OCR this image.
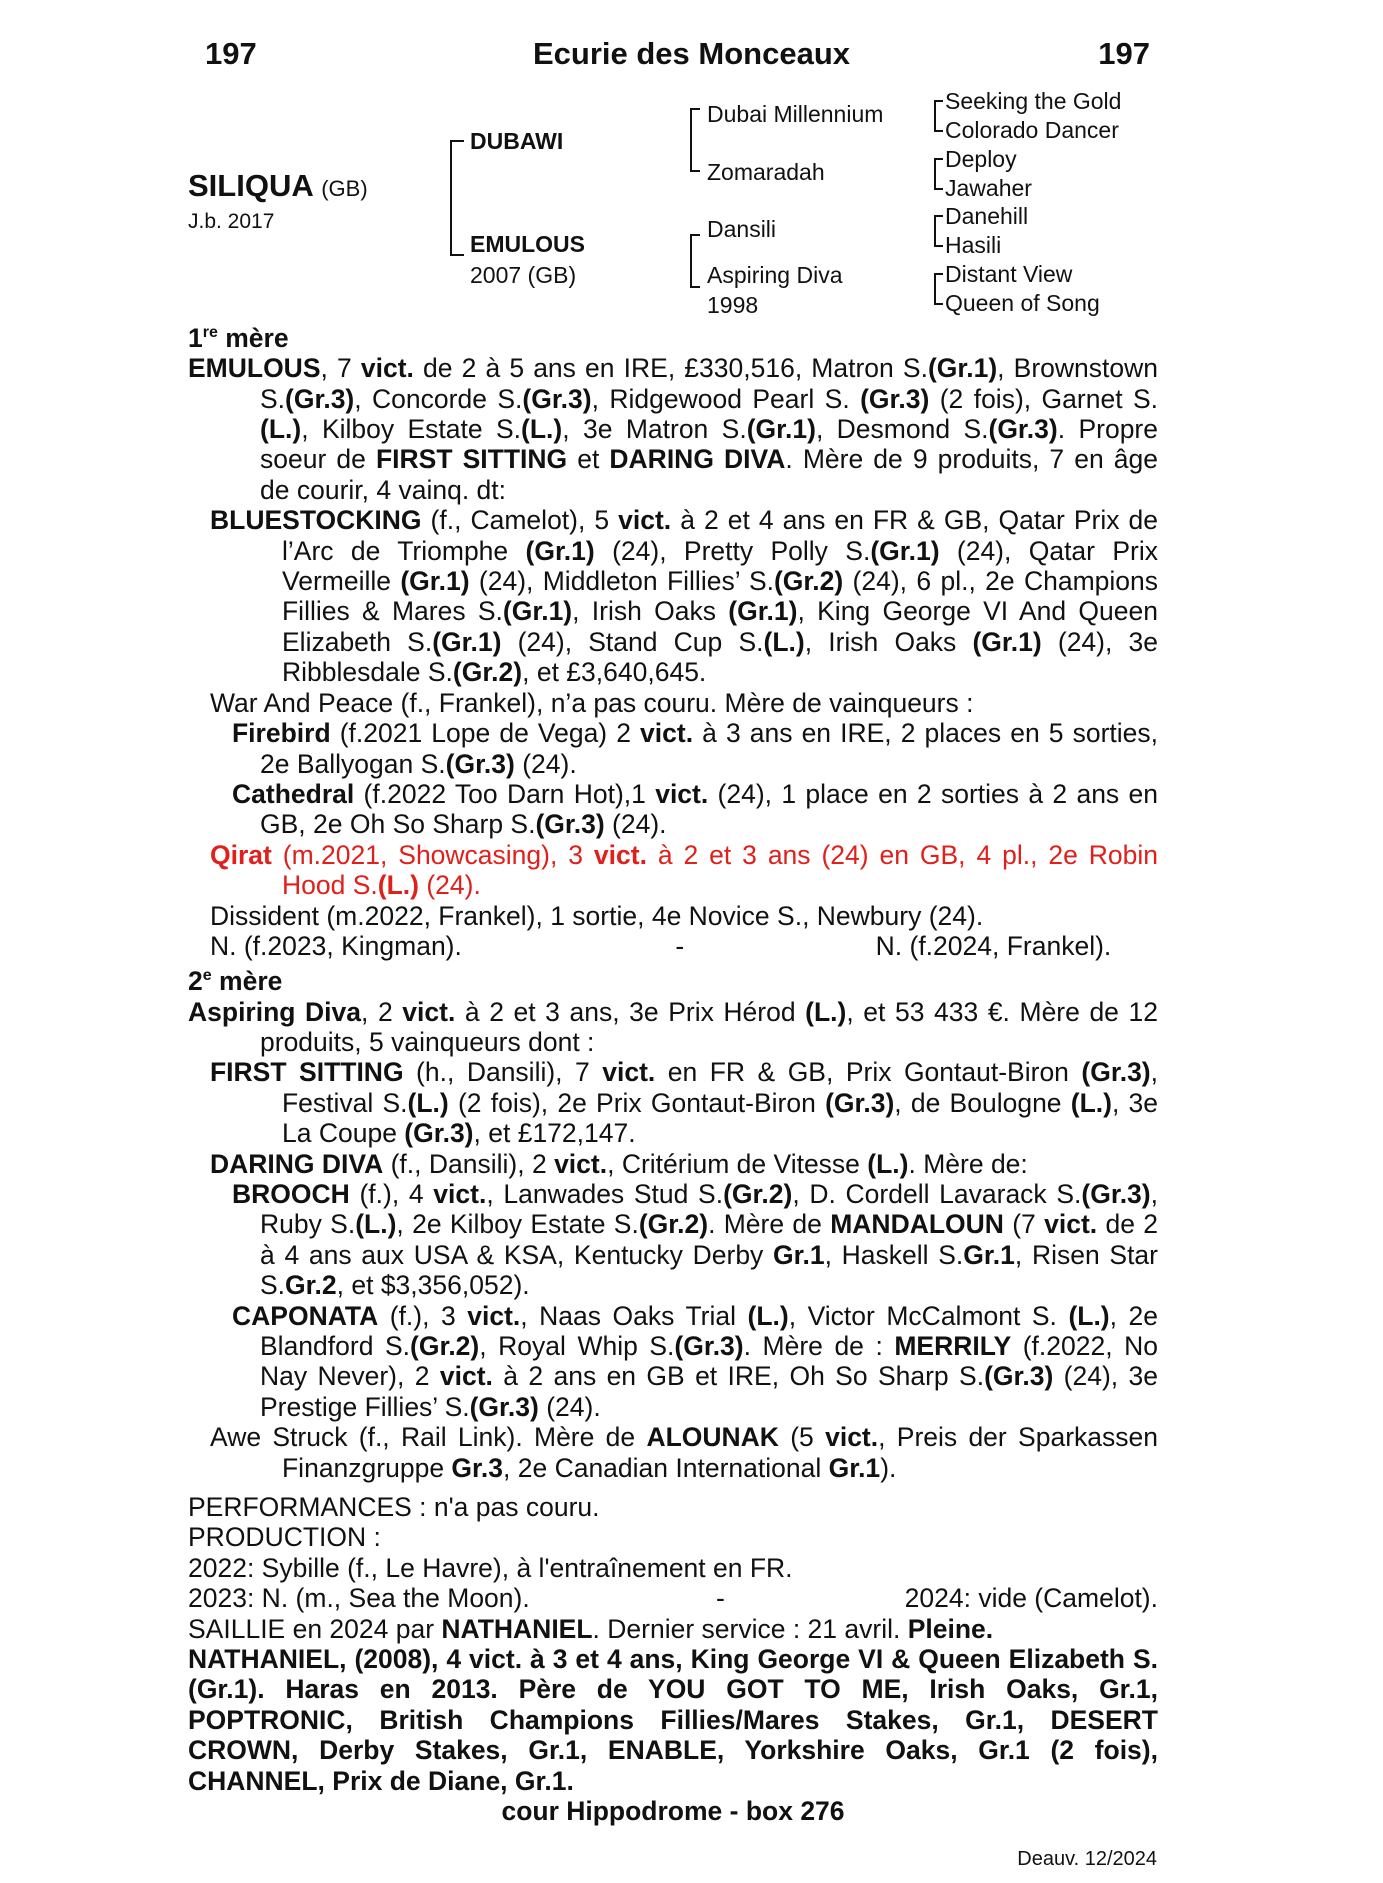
197	Ecurie des Monceaux	197
SILIQUA (GB)
J.b. 2017
DUBAWI
EMULOUS
2007 (GB)
Dubai Millennium
Zomaradah
Dansili
Aspiring Diva
1998
Seeking the Gold
Colorado Dancer
Deploy
Jawaher
Danehill
Hasili
Distant View
Queen of Song
1re mère
EMULOUS, 7 vict. de 2 à 5 ans en IRE, £330,516, Matron S.(Gr.1), Brownstown S.(Gr.3), Concorde S.(Gr.3), Ridgewood Pearl S. (Gr.3) (2 fois), Garnet S.(L.), Kilboy Estate S.(L.), 3e Matron S.(Gr.1), Desmond S.(Gr.3). Propre soeur de FIRST SITTING et DARING DIVA. Mère de 9 produits, 7 en âge de courir, 4 vainq. dt:
BLUESTOCKING (f., Camelot), 5 vict. à 2 et 4 ans en FR & GB, Qatar Prix de l’Arc de Triomphe (Gr.1) (24), Pretty Polly S.(Gr.1) (24), Qatar Prix Vermeille (Gr.1) (24), Middleton Fillies’ S.(Gr.2) (24), 6 pl., 2e Champions Fillies & Mares S.(Gr.1), Irish Oaks (Gr.1), King George VI And Queen Elizabeth S.(Gr.1) (24), Stand Cup S.(L.), Irish Oaks (Gr.1) (24), 3e Ribblesdale S.(Gr.2), et £3,640,645.
War And Peace (f., Frankel), n’a pas couru. Mère de vainqueurs :
Firebird (f.2021 Lope de Vega) 2 vict. à 3 ans en IRE, 2 places en 5 sorties, 2e Ballyogan S.(Gr.3) (24).
Cathedral (f.2022 Too Darn Hot),1 vict. (24), 1 place en 2 sorties à 2 ans en GB, 2e Oh So Sharp S.(Gr.3) (24).
Qirat (m.2021, Showcasing), 3 vict. à 2 et 3 ans (24) en GB, 4 pl., 2e Robin Hood S.(L.) (24).
Dissident (m.2022, Frankel), 1 sortie, 4e Novice S., Newbury (24).
N. (f.2023, Kingman).                             -                          N. (f.2024, Frankel).
2e mère
Aspiring Diva, 2 vict. à 2 et 3 ans, 3e Prix Hérod (L.), et 53 433 €. Mère de 12 produits, 5 vainqueurs dont :
FIRST SITTING (h., Dansili), 7 vict. en FR & GB, Prix Gontaut-Biron (Gr.3), Festival S.(L.) (2 fois), 2e Prix Gontaut-Biron (Gr.3), de Boulogne (L.), 3e La Coupe (Gr.3), et £172,147.
DARING DIVA (f., Dansili), 2 vict., Critérium de Vitesse (L.). Mère de:
BROOCH (f.), 4 vict., Lanwades Stud S.(Gr.2), D. Cordell Lavarack S.(Gr.3), Ruby S.(L.), 2e Kilboy Estate S.(Gr.2). Mère de MANDALOUN (7 vict. de 2 à 4 ans aux USA & KSA, Kentucky Derby Gr.1, Haskell S.Gr.1, Risen Star S.Gr.2, et $3,356,052).
CAPONATA (f.), 3 vict., Naas Oaks Trial (L.), Victor McCalmont S. (L.), 2e Blandford S.(Gr.2), Royal Whip S.(Gr.3). Mère de : MERRILY (f.2022, No Nay Never), 2 vict. à 2 ans en GB et IRE, Oh So Sharp S.(Gr.3) (24), 3e Prestige Fillies’ S.(Gr.3) (24).
Awe Struck (f., Rail Link). Mère de ALOUNAK (5 vict., Preis der Sparkassen Finanzgruppe Gr.3, 2e Canadian International Gr.1).
PERFORMANCES : n'a pas couru.
PRODUCTION :
2022: Sybille (f., Le Havre), à l'entraînement en FR.
2023: N. (m., Sea the Moon).	-	2024: vide (Camelot).
SAILLIE en 2024 par NATHANIEL. Dernier service : 21 avril. Pleine.
NATHANIEL, (2008), 4 vict. à 3 et 4 ans, King George VI & Queen Elizabeth S. (Gr.1). Haras en 2013. Père de YOU GOT TO ME, Irish Oaks, Gr.1, POPTRONIC, British Champions Fillies/Mares Stakes, Gr.1, DESERT CROWN, Derby Stakes, Gr.1, ENABLE, Yorkshire Oaks, Gr.1 (2 fois), CHANNEL, Prix de Diane, Gr.1.
cour Hippodrome - box 276
Deauv. 12/2024
